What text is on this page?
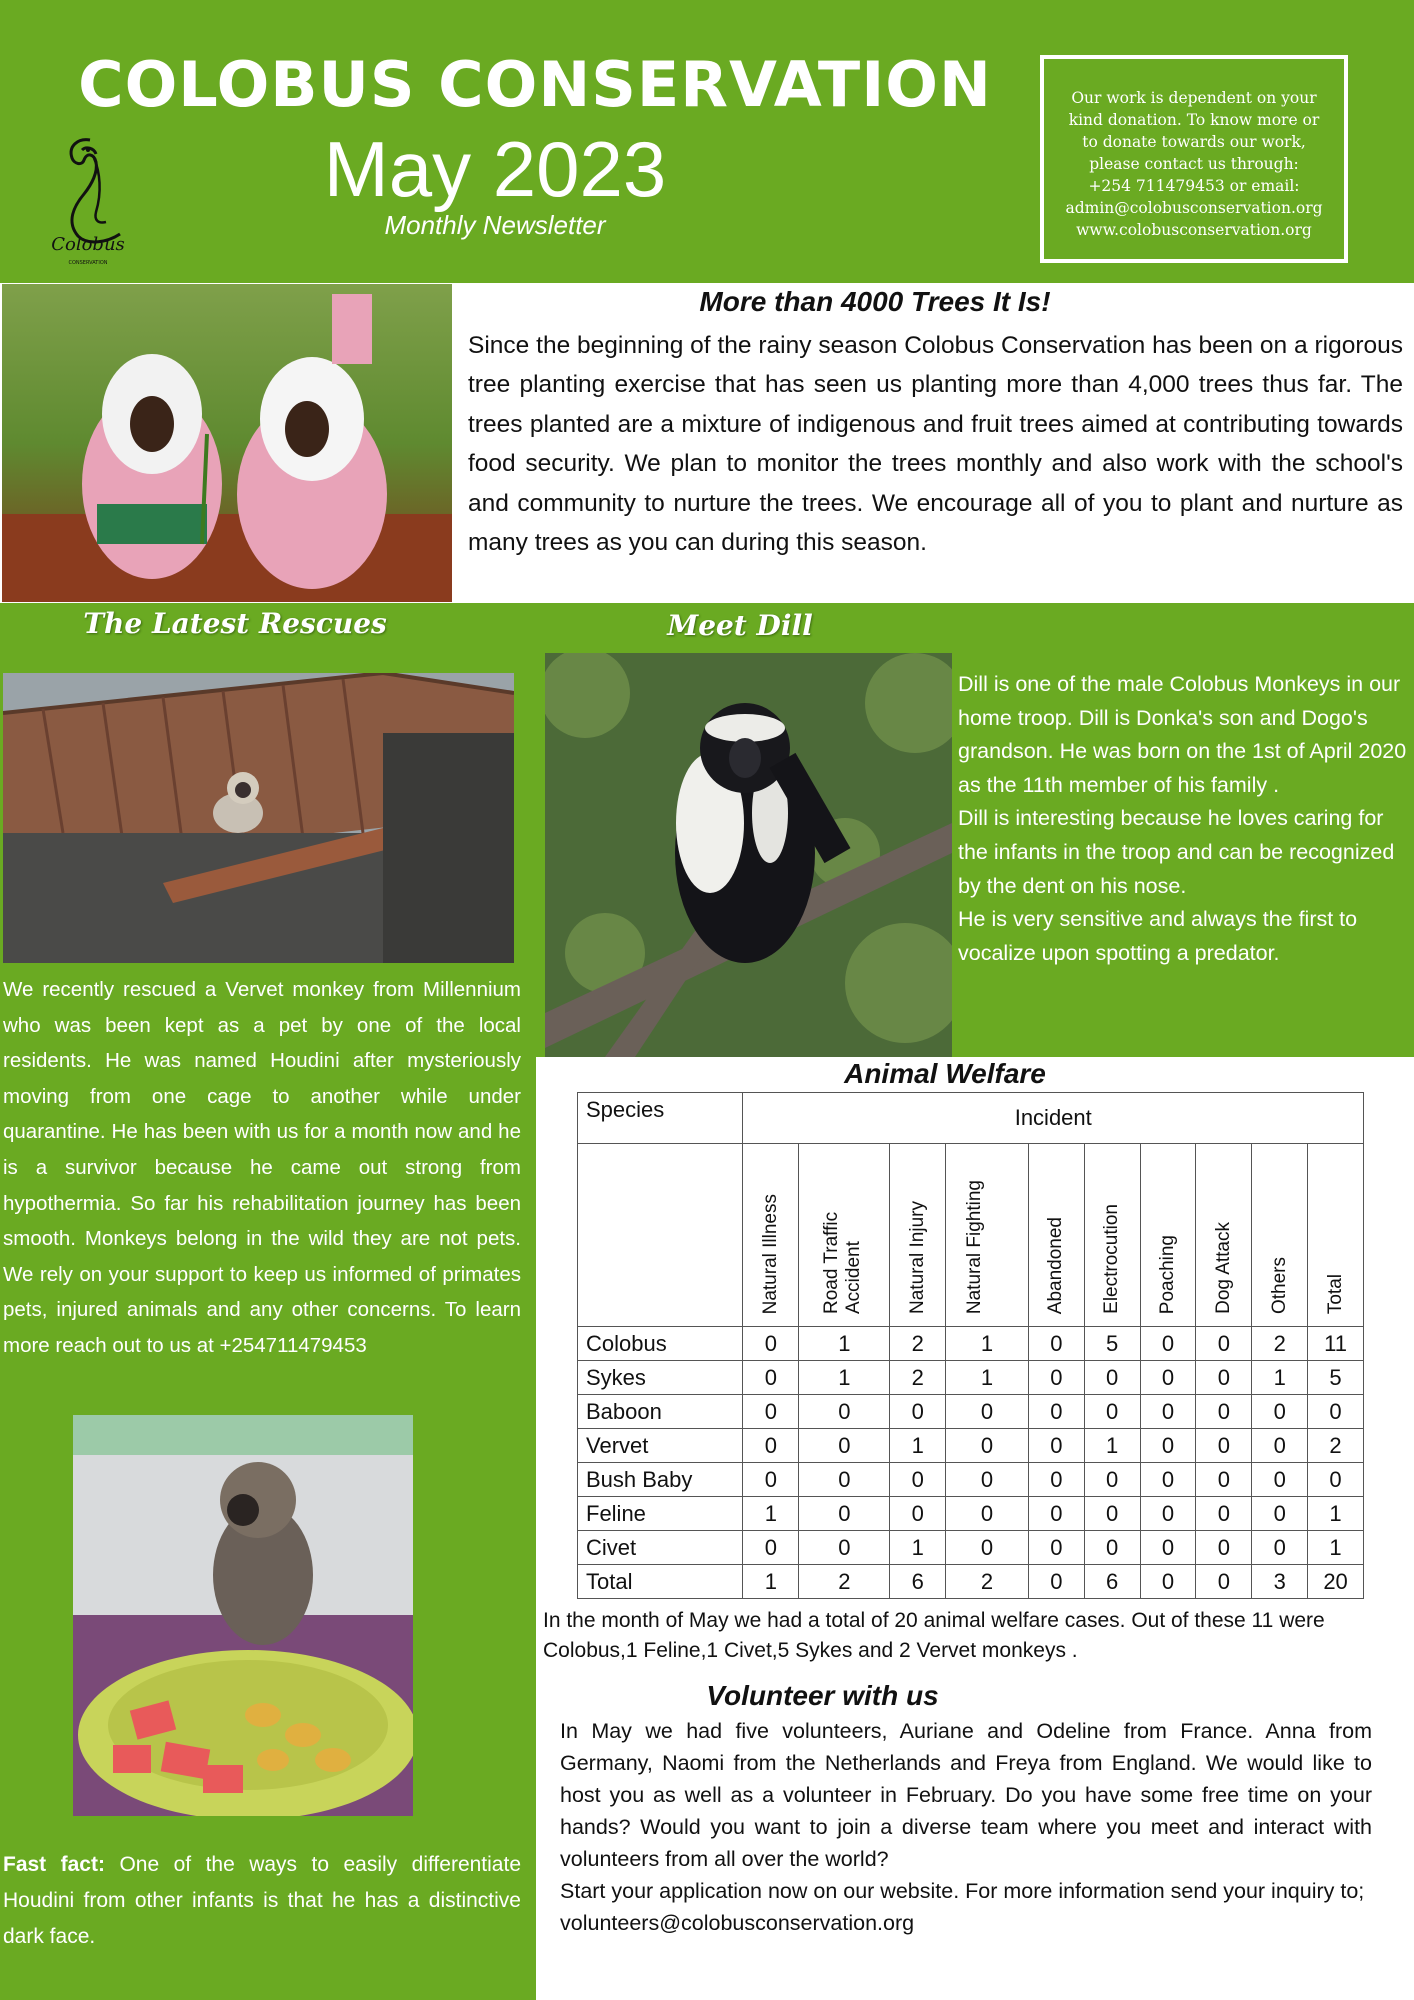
Colobus
CONSERVATION
COLOBUS CONSERVATION
May 2023
Monthly Newsletter
Our work is dependent on your
kind donation. To know more or
to donate towards our work,
please contact us through:
+254 711479453 or email:
admin@colobusconservation.org
www.colobusconservation.org
More than 4000 Trees It Is!
Since the beginning of the rainy season Colobus Conservation has been on a rigorous tree planting exercise that has seen us planting more than 4,000 trees thus far. The trees planted are a mixture of indigenous and fruit trees aimed at contributing towards food security. We plan to monitor the trees monthly and also work with the school's and community to nurture the trees. We encourage all of you to plant and nurture as many trees as you can during this season.
The Latest Rescues
We recently rescued a Vervet monkey from Millennium who was been kept as a pet by one of the local residents. He was named Houdini after mysteriously moving from one cage to another while under quarantine. He has been with us for a month now and he is a survivor because he came out strong from hypothermia. So far his rehabilitation journey has been smooth. Monkeys belong in the wild they are not pets. We rely on your support to keep us informed of primates pets, injured animals and any other concerns. To learn more reach out to us at +254711479453
Fast fact: One of the ways to easily differentiate Houdini from other infants is that he has a distinctive dark face.
Meet Dill
Dill is one of the male Colobus Monkeys in our home troop. Dill is Donka's son and Dogo's grandson. He was born on the 1st of April 2020 as the 11th member of his family .
Dill is interesting because he loves caring for the infants in the troop and can be recognized by the dent on his nose.
He is very sensitive and always the first to vocalize upon spotting a predator.
Animal Welfare
Species	Incident									
	Natural Illness	Road Traffic Accident	Natural Injury	Natural Fighting	Abandoned	Electrocution	Poaching	Dog Attack	Others	Total
Colobus	0	1	2	1	0	5	0	0	2	11
Sykes	0	1	2	1	0	0	0	0	1	5
Baboon	0	0	0	0	0	0	0	0	0	0
Vervet	0	0	1	0	0	1	0	0	0	2
Bush Baby	0	0	0	0	0	0	0	0	0	0
Feline	1	0	0	0	0	0	0	0	0	1
Civet	0	0	1	0	0	0	0	0	0	1
Total	1	2	6	2	0	6	0	0	3	20
In the month of May we had a total of 20 animal welfare cases. Out of these 11 were Colobus,1 Feline,1 Civet,5 Sykes and 2 Vervet monkeys .
Volunteer with us

In May we had five volunteers, Auriane and Odeline from France. Anna from Germany, Naomi from the Netherlands and Freya from England. We would like to host you as well as a volunteer in February. Do you have some free time on your hands? Would you want to join a diverse team where you meet and interact with volunteers from all over the world?

Start your application now on our website. For more information send your inquiry to;

volunteers@colobusconservation.org
